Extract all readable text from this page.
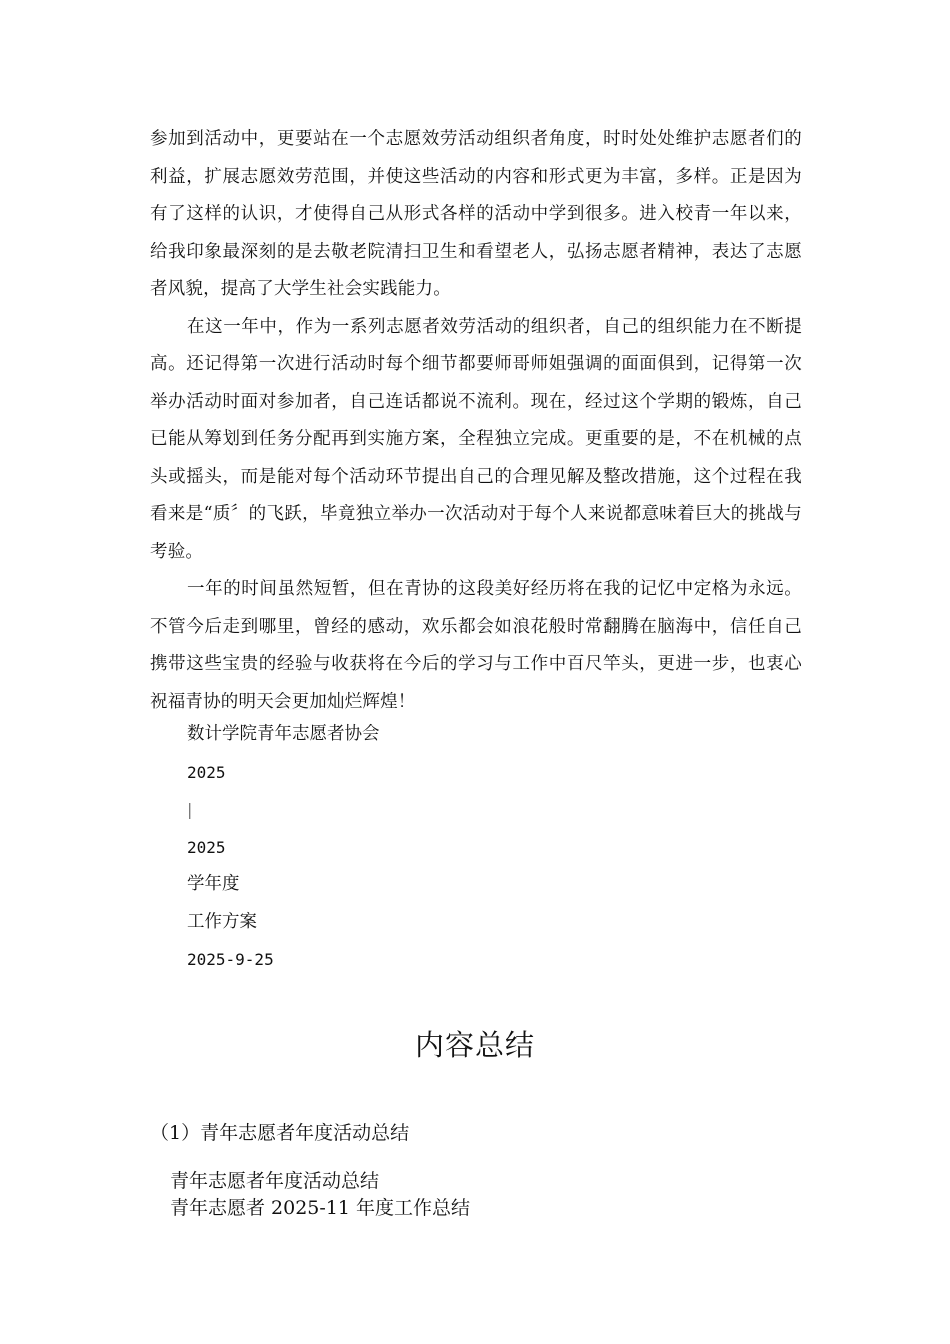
参加到活动中，更要站在一个志愿效劳活动组织者角度，时时处处维护志愿者们的利益，扩展志愿效劳范围，并使这些活动的内容和形式更为丰富，多样。正是因为有了这样的认识，才使得自己从形式各样的活动中学到很多。进入校青一年以来，给我印象最深刻的是去敬老院清扫卫生和看望老人，弘扬志愿者精神，表达了志愿者风貌，提高了大学生社会实践能力。

在这一年中，作为一系列志愿者效劳活动的组织者，自己的组织能力在不断提高。还记得第一次进行活动时每个细节都要师哥师姐强调的面面俱到，记得第一次举办活动时面对参加者，自己连话都说不流利。现在，经过这个学期的锻炼，自己已能从筹划到任务分配再到实施方案，全程独立完成。更重要的是，不在机械的点头或摇头，而是能对每个活动环节提出自己的合理见解及整改措施，这个过程在我看来是“质〞的飞跃，毕竟独立举办一次活动对于每个人来说都意味着巨大的挑战与考验。

一年的时间虽然短暂，但在青协的这段美好经历将在我的记忆中定格为永远。不管今后走到哪里，曾经的感动，欢乐都会如浪花般时常翻腾在脑海中，信任自己携带这些宝贵的经验与收获将在今后的学习与工作中百尺竿头，更进一步，也衷心祝福青协的明天会更加灿烂辉煌！

数计学院青年志愿者协会
2025
|
2025
学年度
工作方案
2025-9-25
内容总结
（1）青年志愿者年度活动总结
青年志愿者年度活动总结
青年志愿者 2025-11 年度工作总结
